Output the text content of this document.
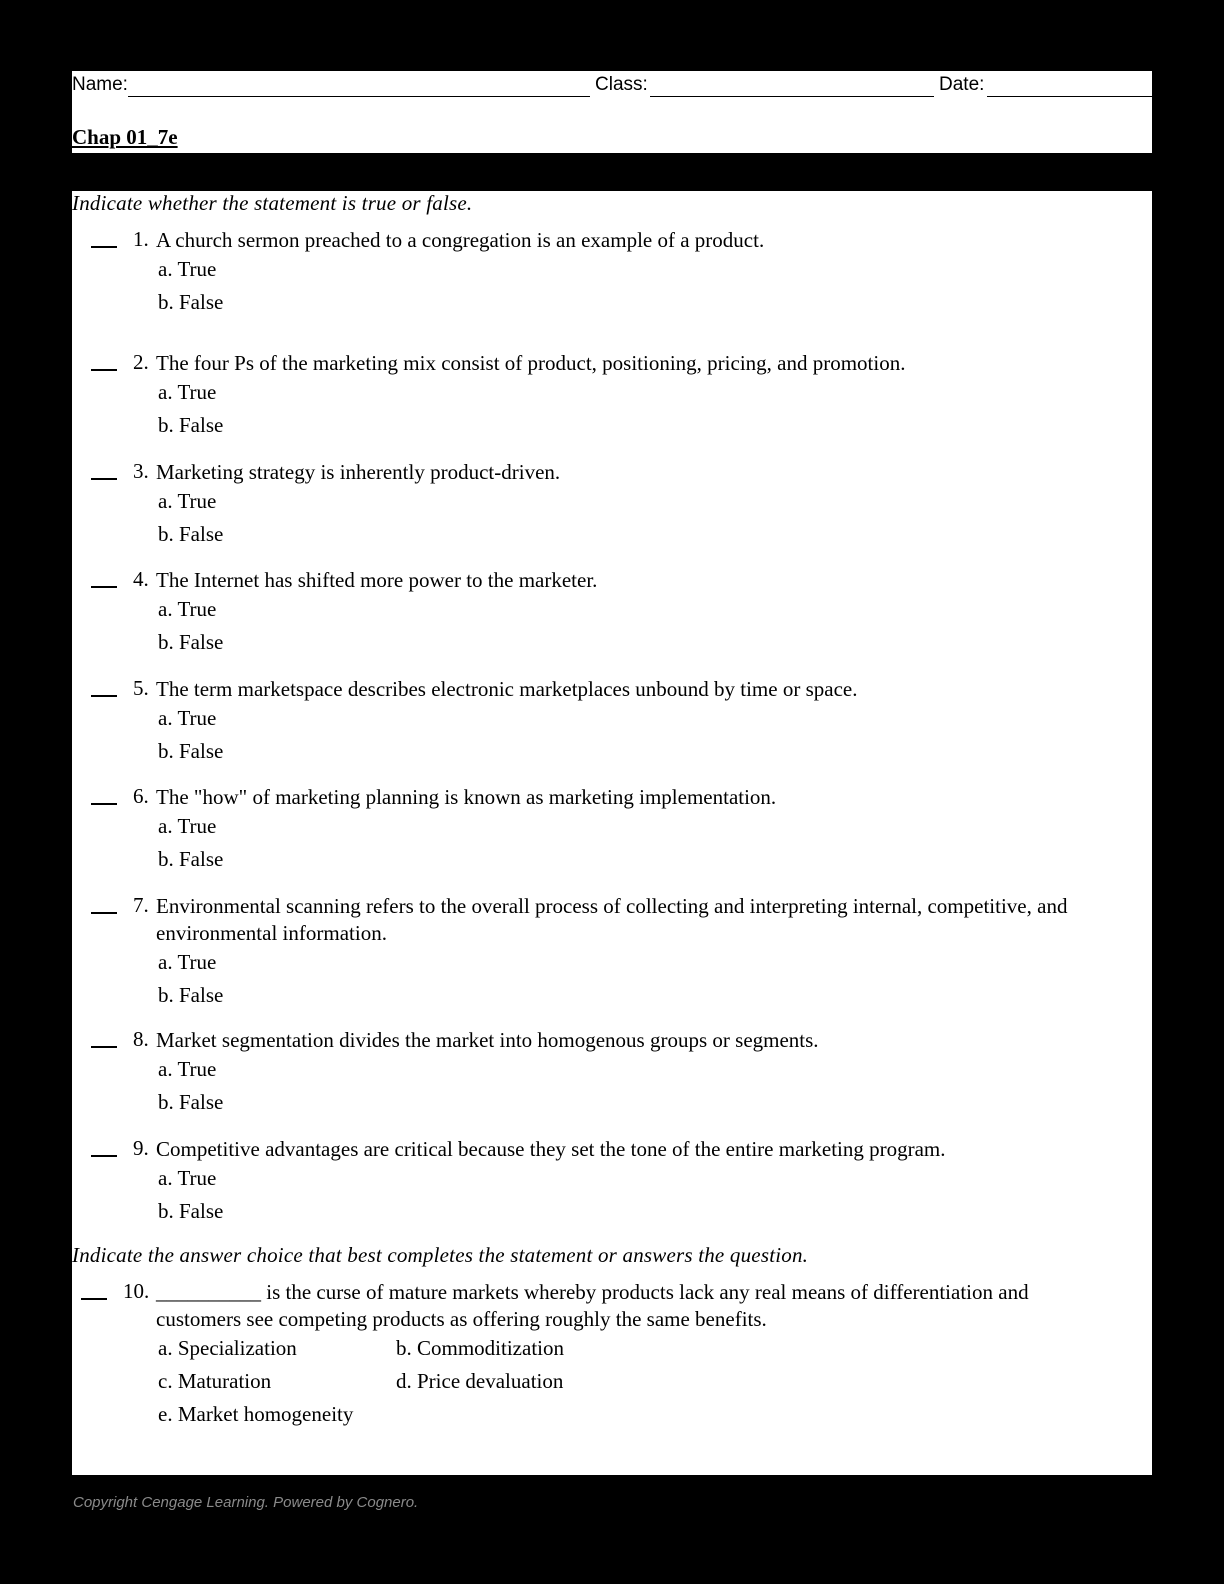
Name:	Class:	Date:
Chap 01_7e
Indicate whether the statement is true or false.
1. A church sermon preached to a congregation is an example of a product.
a. True
b. False
2. The four Ps of the marketing mix consist of product, positioning, pricing, and promotion.
a. True
b. False
3. Marketing strategy is inherently product-driven.
a. True
b. False
4. The Internet has shifted more power to the marketer.
a. True
b. False
5. The term marketspace describes electronic marketplaces unbound by time or space.
a. True
b. False
6. The "how" of marketing planning is known as marketing implementation.
a. True
b. False
7. Environmental scanning refers to the overall process of collecting and interpreting internal, competitive, and environmental information.
a. True
b. False
8. Market segmentation divides the market into homogenous groups or segments.
a. True
b. False
9. Competitive advantages are critical because they set the tone of the entire marketing program.
a. True
b. False
Indicate the answer choice that best completes the statement or answers the question.
10. __________ is the curse of mature markets whereby products lack any real means of differentiation and customers see competing products as offering roughly the same benefits.
a. Specialization	b. Commoditization
c. Maturation	d. Price devaluation
e. Market homogeneity
Copyright Cengage Learning. Powered by Cognero.
